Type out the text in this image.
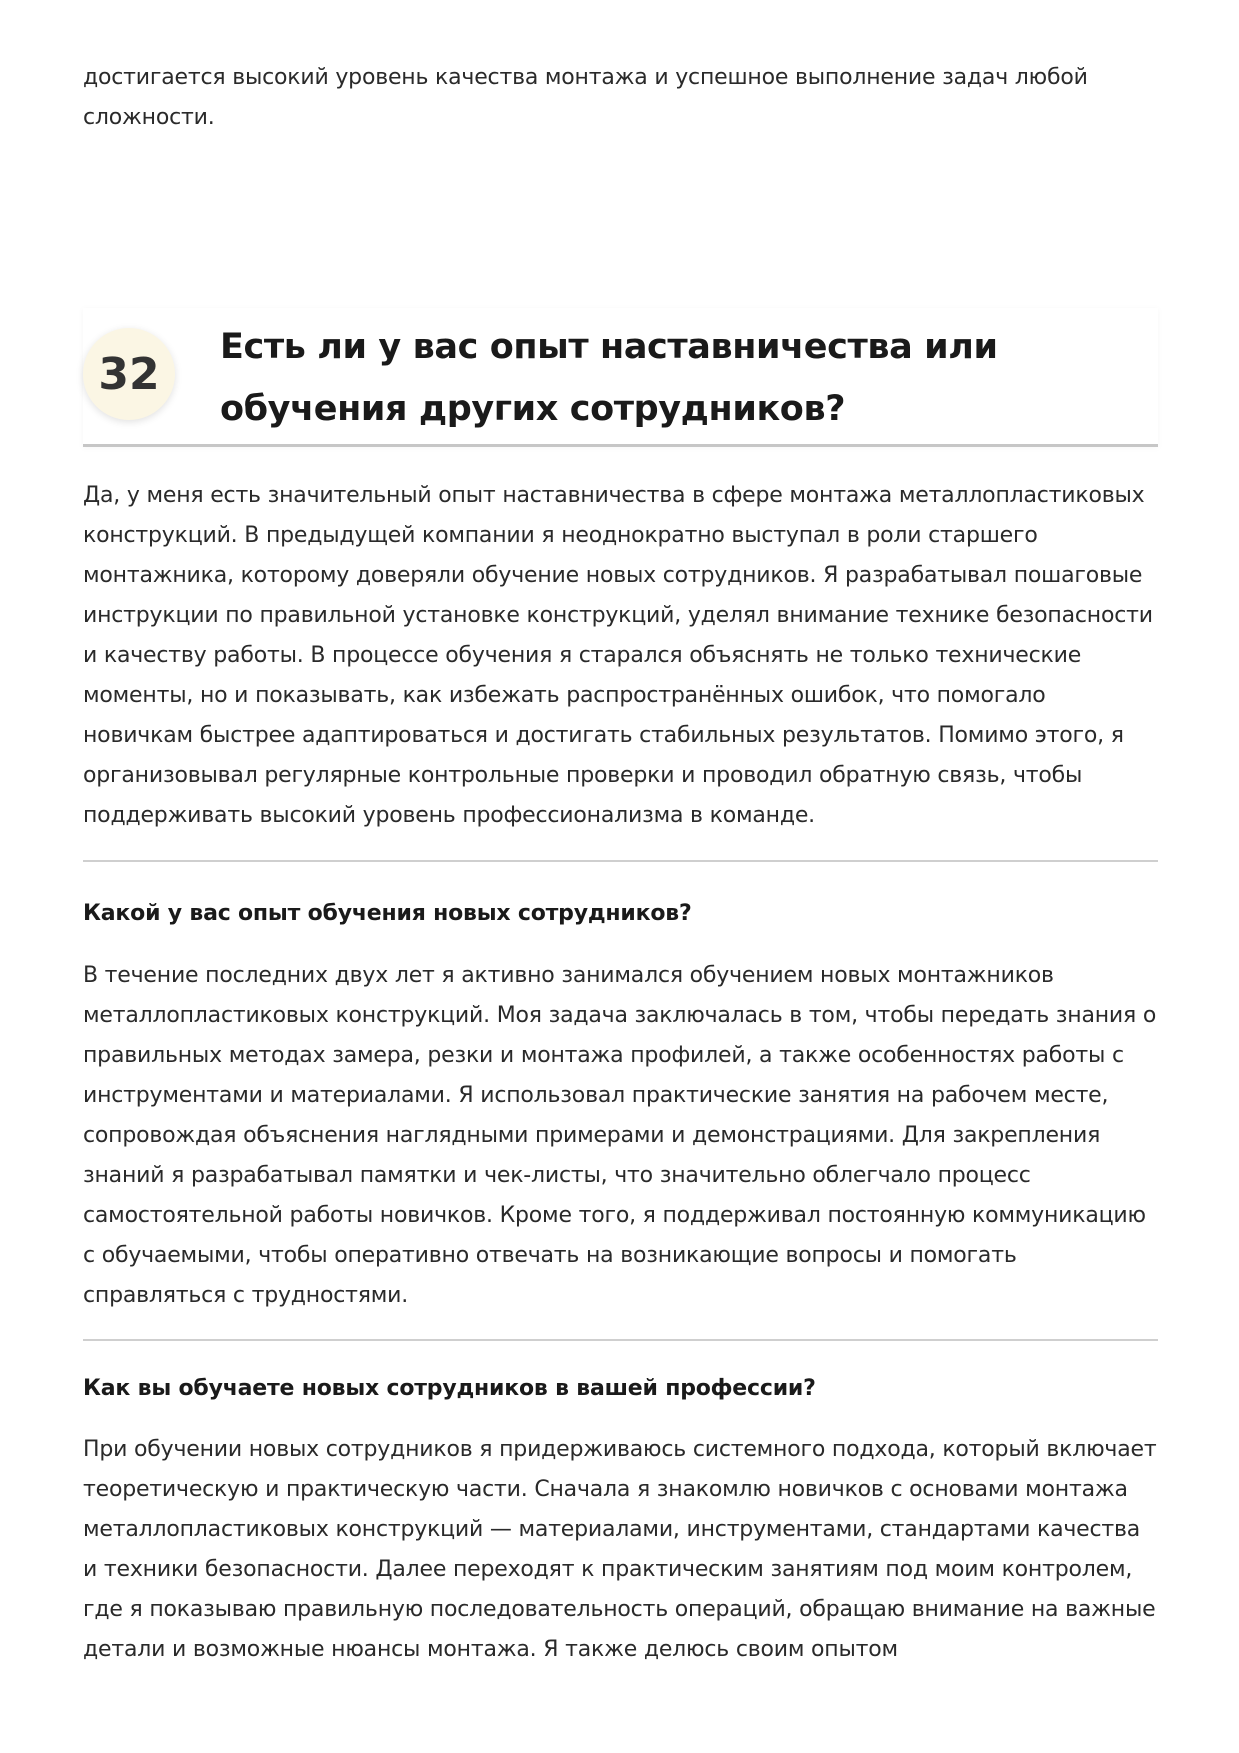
достигается высокий уровень качества монтажа и успешное выполнение задач любой сложности.

32
Есть ли у вас опыт наставничества или обучения других сотрудников?

Да, у меня есть значительный опыт наставничества в сфере монтажа металлопластиковых конструкций. В предыдущей компании я неоднократно выступал в роли старшего монтажника, которому доверяли обучение новых сотрудников. Я разрабатывал пошаговые инструкции по правильной установке конструкций, уделял внимание технике безопасности и качеству работы. В процессе обучения я старался объяснять не только технические моменты, но и показывать, как избежать распространённых ошибок, что помогало новичкам быстрее адаптироваться и достигать стабильных результатов. Помимо этого, я организовывал регулярные контрольные проверки и проводил обратную связь, чтобы поддерживать высокий уровень профессионализма в команде.

Какой у вас опыт обучения новых сотрудников?

В течение последних двух лет я активно занимался обучением новых монтажников металлопластиковых конструкций. Моя задача заключалась в том, чтобы передать знания о правильных методах замера, резки и монтажа профилей, а также особенностях работы с инструментами и материалами. Я использовал практические занятия на рабочем месте, сопровождая объяснения наглядными примерами и демонстрациями. Для закрепления знаний я разрабатывал памятки и чек-листы, что значительно облегчало процесс самостоятельной работы новичков. Кроме того, я поддерживал постоянную коммуникацию с обучаемыми, чтобы оперативно отвечать на возникающие вопросы и помогать справляться с трудностями.

Как вы обучаете новых сотрудников в вашей профессии?

При обучении новых сотрудников я придерживаюсь системного подхода, который включает теоретическую и практическую части. Сначала я знакомлю новичков с основами монтажа металлопластиковых конструкций — материалами, инструментами, стандартами качества и техники безопасности. Далее переходят к практическим занятиям под моим контролем, где я показываю правильную последовательность операций, обращаю внимание на важные детали и возможные нюансы монтажа. Я также делюсь своим опытом
